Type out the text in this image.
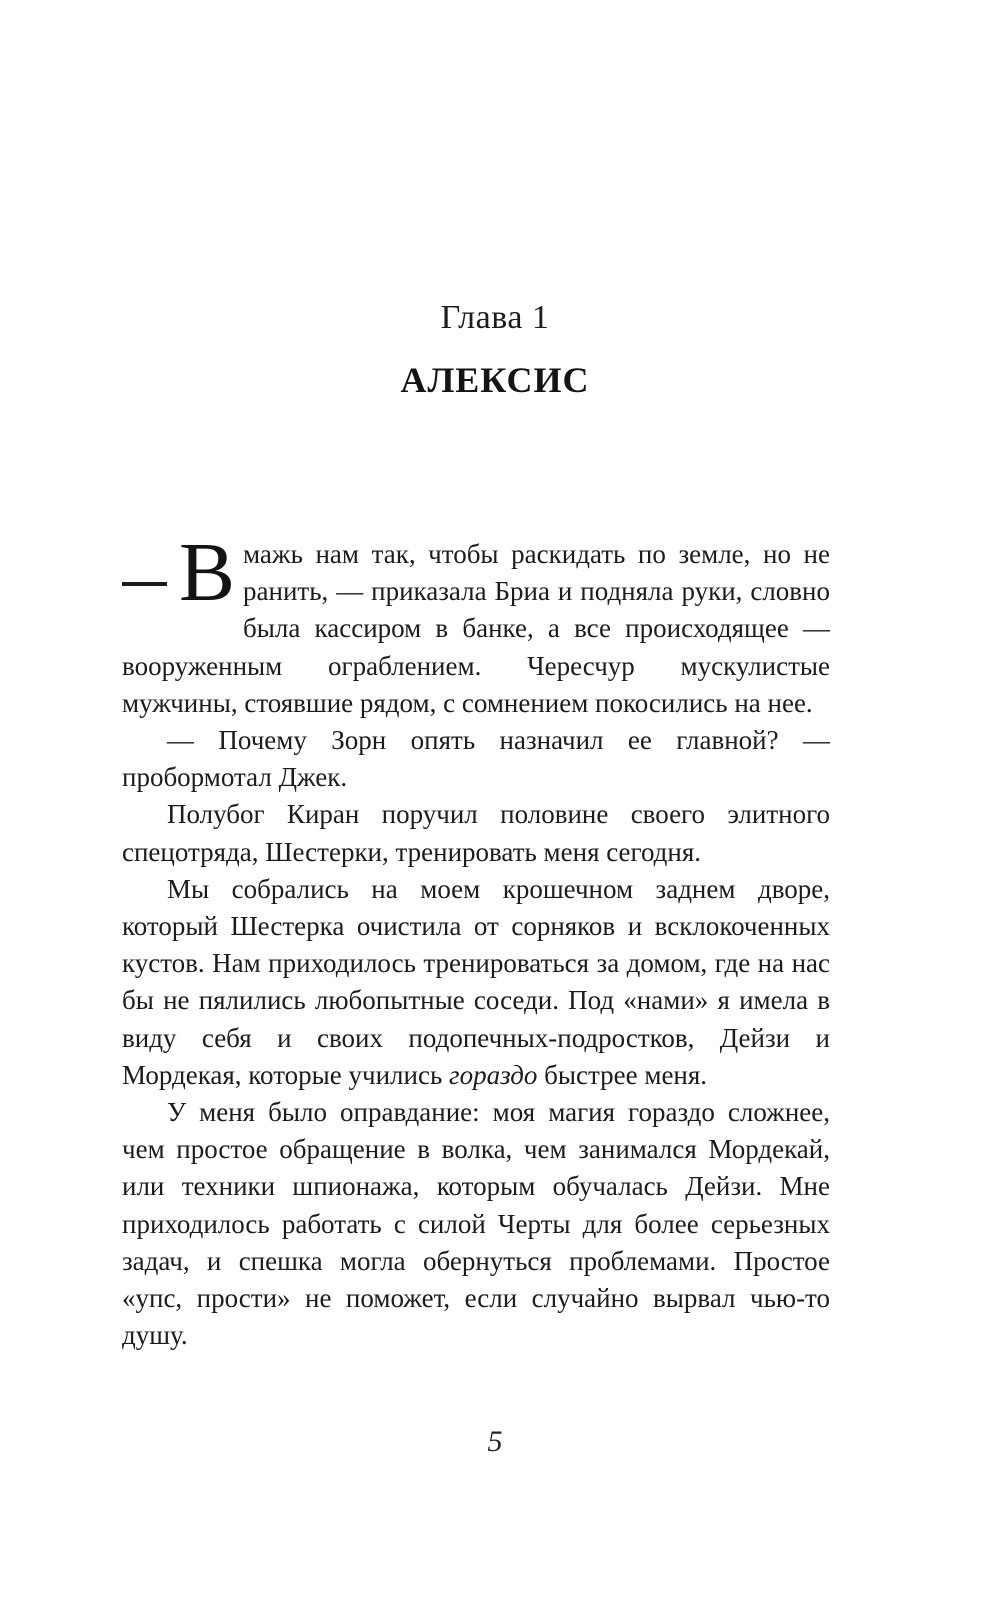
Глава 1
АЛЕКСИС

В мажь нам так, чтобы раскидать по земле, но не ранить, — приказала Бриа и подняла руки, словно была кассиром в банке, а все происходящее — вооруженным ограблением. Чересчур мускулистые мужчины, стоявшие рядом, с сомнением покосились на нее.

— Почему Зорн опять назначил ее главной? — пробормотал Джек.

Полубог Киран поручил половине своего элитного спецотряда, Шестерки, тренировать меня сегодня.

Мы собрались на моем крошечном заднем дворе, который Шестерка очистила от сорняков и всклокоченных кустов. Нам приходилось тренироваться за домом, где на нас бы не пялились любопытные соседи. Под «нами» я имела в виду себя и своих подопечных-подростков, Дейзи и Мордекая, которые учились гораздо быстрее меня.

У меня было оправдание: моя магия гораздо сложнее, чем простое обращение в волка, чем занимался Мордекай, или техники шпионажа, которым обучалась Дейзи. Мне приходилось работать с силой Черты для более серьезных задач, и спешка могла обернуться проблемами. Простое «упс, прости» не поможет, если случайно вырвал чью-то душу.

5
